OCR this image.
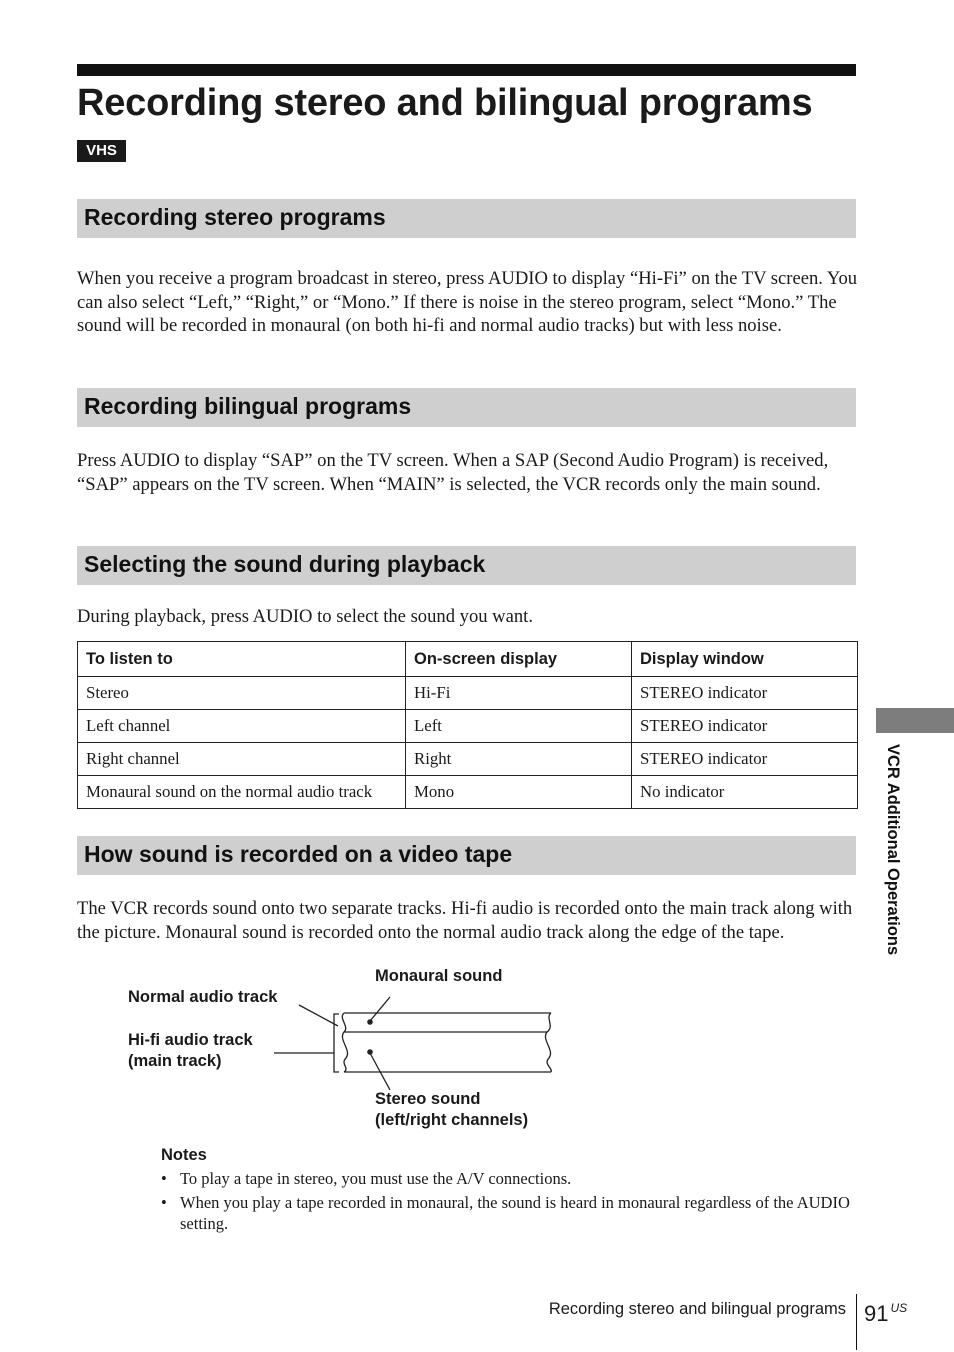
Recording stereo and bilingual programs
VHS
Recording stereo programs

When you receive a program broadcast in stereo, press AUDIO to display “Hi-Fi” on the TV screen. You can also select “Left,” “Right,” or “Mono.” If there is noise in the stereo program, select “Mono.” The sound will be recorded in monaural (on both hi-fi and normal audio tracks) but with less noise.

Recording bilingual programs

Press AUDIO to display “SAP” on the TV screen. When a SAP (Second Audio Program) is received, “SAP” appears on the TV screen. When “MAIN” is selected, the VCR records only the main sound.

Selecting the sound during playback

During playback, press AUDIO to select the sound you want.

To listen to	On-screen display	Display window
Stereo	Hi-Fi	STEREO indicator
Left channel	Left	STEREO indicator
Right channel	Right	STEREO indicator
Monaural sound on the normal audio track	Mono	No indicator
How sound is recorded on a video tape

The VCR records sound onto two separate tracks. Hi-fi audio is recorded onto the main track along with the picture. Monaural sound is recorded onto the normal audio track along the edge of the tape.

Monaural sound
Normal audio track
Hi-fi audio track
(main track)
Stereo sound
(left/right channels)
Notes
• To play a tape in stereo, you must use the A/V connections.
• When you play a tape recorded in monaural, the sound is heard in monaural regardless of the AUDIO setting.
VCR Additional Operations
Recording stereo and bilingual programs 91 $^{US}$
